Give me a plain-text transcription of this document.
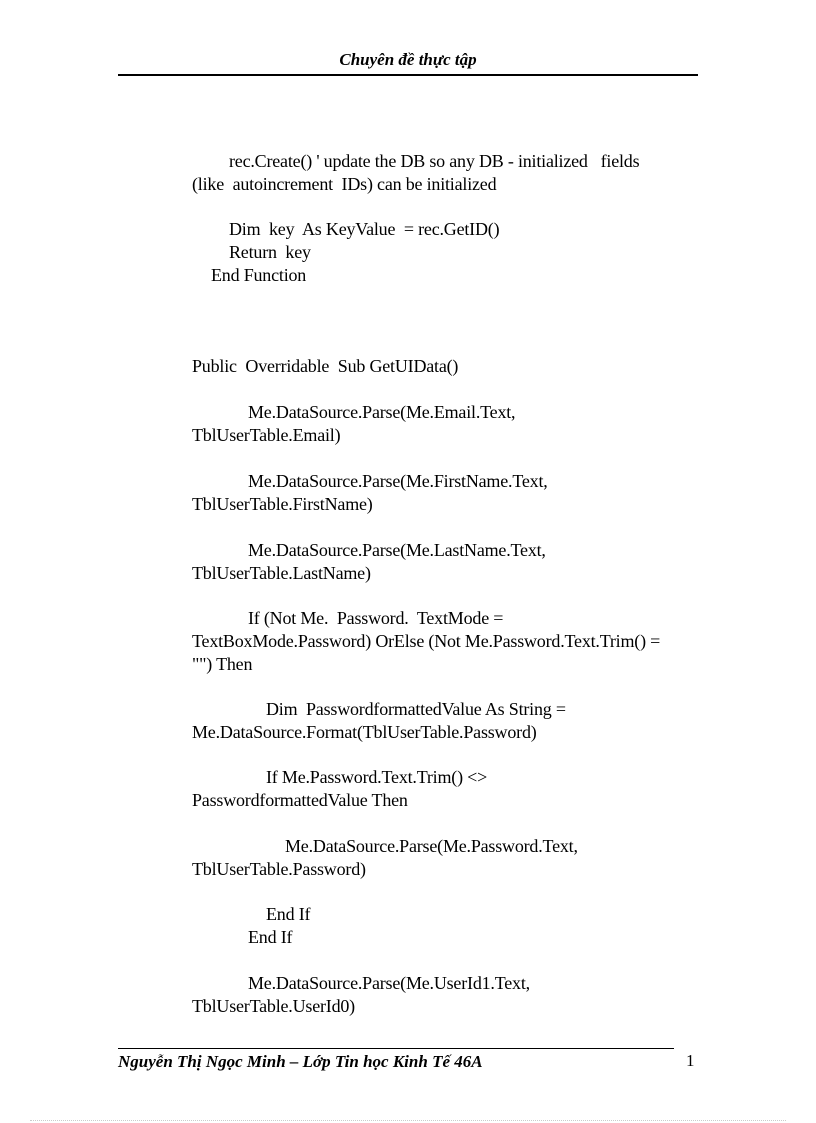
Chuyên đề thực tập
rec.Create() ' update the DB so any DB - initialized   fields
(like  autoincrement  IDs) can be initialized
Dim  key  As KeyValue  = rec.GetID()
Return  key
End Function
Public  Overridable  Sub GetUIData()
Me.DataSource.Parse(Me.Email.Text,
TblUserTable.Email)
Me.DataSource.Parse(Me.FirstName.Text,
TblUserTable.FirstName)
Me.DataSource.Parse(Me.LastName.Text,
TblUserTable.LastName)
If (Not Me.  Password.  TextMode =
TextBoxMode.Password) OrElse (Not Me.Password.Text.Trim() =
"") Then
Dim  PasswordformattedValue As String =
Me.DataSource.Format(TblUserTable.Password)
If Me.Password.Text.Trim() <>
PasswordformattedValue Then
Me.DataSource.Parse(Me.Password.Text,
TblUserTable.Password)
End If
End If
Me.DataSource.Parse(Me.UserId1.Text,
TblUserTable.UserId0)
Nguyễn Thị Ngọc Minh – Lớp Tin học Kinh Tế 46A	1
